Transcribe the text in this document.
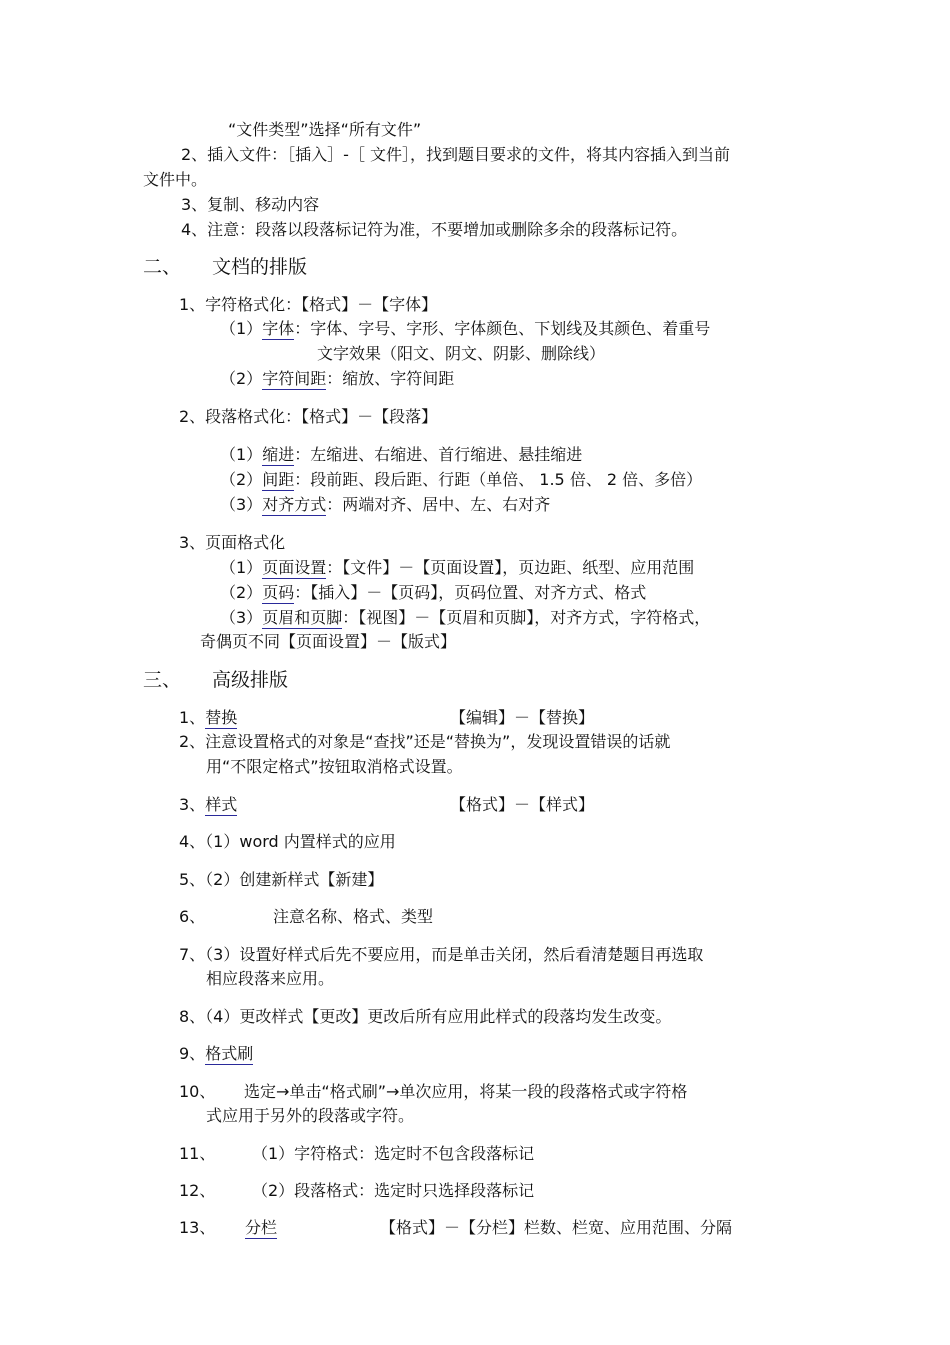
“文件类型”选择“所有文件”
2、插入文件：［插入］-［ 文件］，找到题目要求的文件，将其内容插入到当前
文件中。
3、复制、移动内容
4、注意：段落以段落标记符为准，不要增加或删除多余的段落标记符。
二、 文档的排版
1、字符格式化：【格式】－【字体】
（1）字体：字体、字号、字形、字体颜色、下划线及其颜色、着重号
文字效果（阳文、阴文、阴影、删除线）
（2）字符间距：缩放、字符间距
2、段落格式化：【格式】－【段落】
（1）缩进：左缩进、右缩进、首行缩进、悬挂缩进
（2）间距：段前距、段后距、行距（单倍、 1.5 倍、 2 倍、多倍）
（3）对齐方式：两端对齐、居中、左、右对齐
3、页面格式化
（1）页面设置：【文件】－【页面设置】，页边距、纸型、应用范围
（2）页码：【插入】－【页码】，页码位置、对齐方式、格式
（3）页眉和页脚：【视图】－【页眉和页脚】，对齐方式，字符格式，
奇偶页不同【页面设置】－【版式】
三、 高级排版
1、替换	【编辑】－【替换】
2、注意设置格式的对象是“查找”还是“替换为”，发现设置错误的话就
用“不限定格式”按钮取消格式设置。
3、样式	【格式】－【样式】
4、（1）word 内置样式的应用
5、（2）创建新样式【新建】
6、	注意名称、格式、类型
7、（3）设置好样式后先不要应用，而是单击关闭，然后看清楚题目再选取
相应段落来应用。
8、（4）更改样式【更改】更改后所有应用此样式的段落均发生改变。
9、格式刷
10、 选定→单击“格式刷”→单次应用，将某一段的段落格式或字符格
式应用于另外的段落或字符。
11、 （1）字符格式：选定时不包含段落标记
12、 （2）段落格式：选定时只选择段落标记
13、 分栏	【格式】－【分栏】栏数、栏宽、应用范围、分隔
